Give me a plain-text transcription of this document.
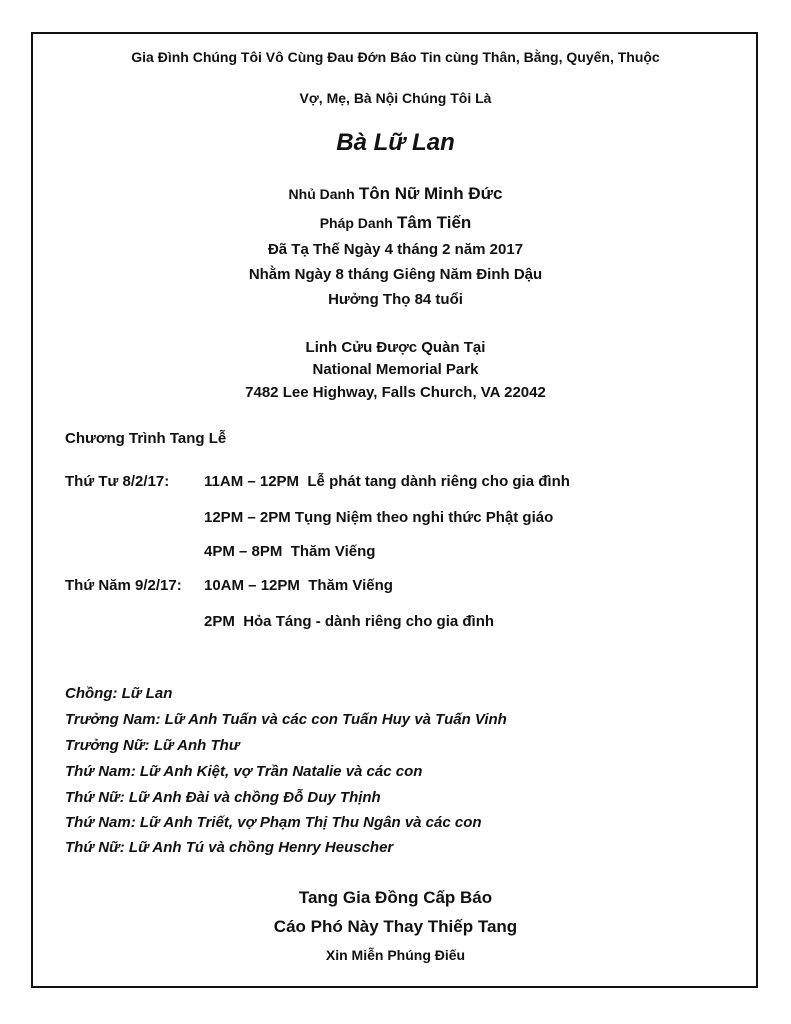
Gia Đình Chúng Tôi Vô Cùng Đau Đớn Báo Tin cùng Thân, Bằng, Quyến, Thuộc
Vợ, Mẹ, Bà Nội Chúng Tôi Là
Bà Lữ Lan
Nhủ Danh Tôn Nữ Minh Đức
Pháp Danh Tâm Tiến
Đã Tạ Thế Ngày 4 tháng 2 năm 2017
Nhằm Ngày 8 tháng Giêng Năm Đinh Dậu
Hưởng Thọ 84 tuổi
Linh Cửu Được Quàn Tại
National Memorial Park
7482 Lee Highway, Falls Church, VA 22042
Chương Trình Tang Lễ
Thứ Tư 8/2/17: 11AM – 12PM Lễ phát tang dành riêng cho gia đình
12PM – 2PM Tụng Niệm theo nghi thức Phật giáo
4PM – 8PM Thăm Viếng
Thứ Năm 9/2/17: 10AM – 12PM Thăm Viếng
2PM Hỏa Táng - dành riêng cho gia đình
Chồng: Lữ Lan
Trưởng Nam: Lữ Anh Tuấn và các con Tuấn Huy và Tuấn Vinh
Trưởng Nữ: Lữ Anh Thư
Thứ Nam: Lữ Anh Kiệt, vợ Trần Natalie và các con
Thứ Nữ: Lữ Anh Đài và chồng Đỗ Duy Thịnh
Thứ Nam: Lữ Anh Triết, vợ Phạm Thị Thu Ngân và các con
Thứ Nữ: Lữ Anh Tú và chồng Henry Heuscher
Tang Gia Đồng Cấp Báo
Cáo Phó Này Thay Thiếp Tang
Xin Miễn Phúng Điếu
